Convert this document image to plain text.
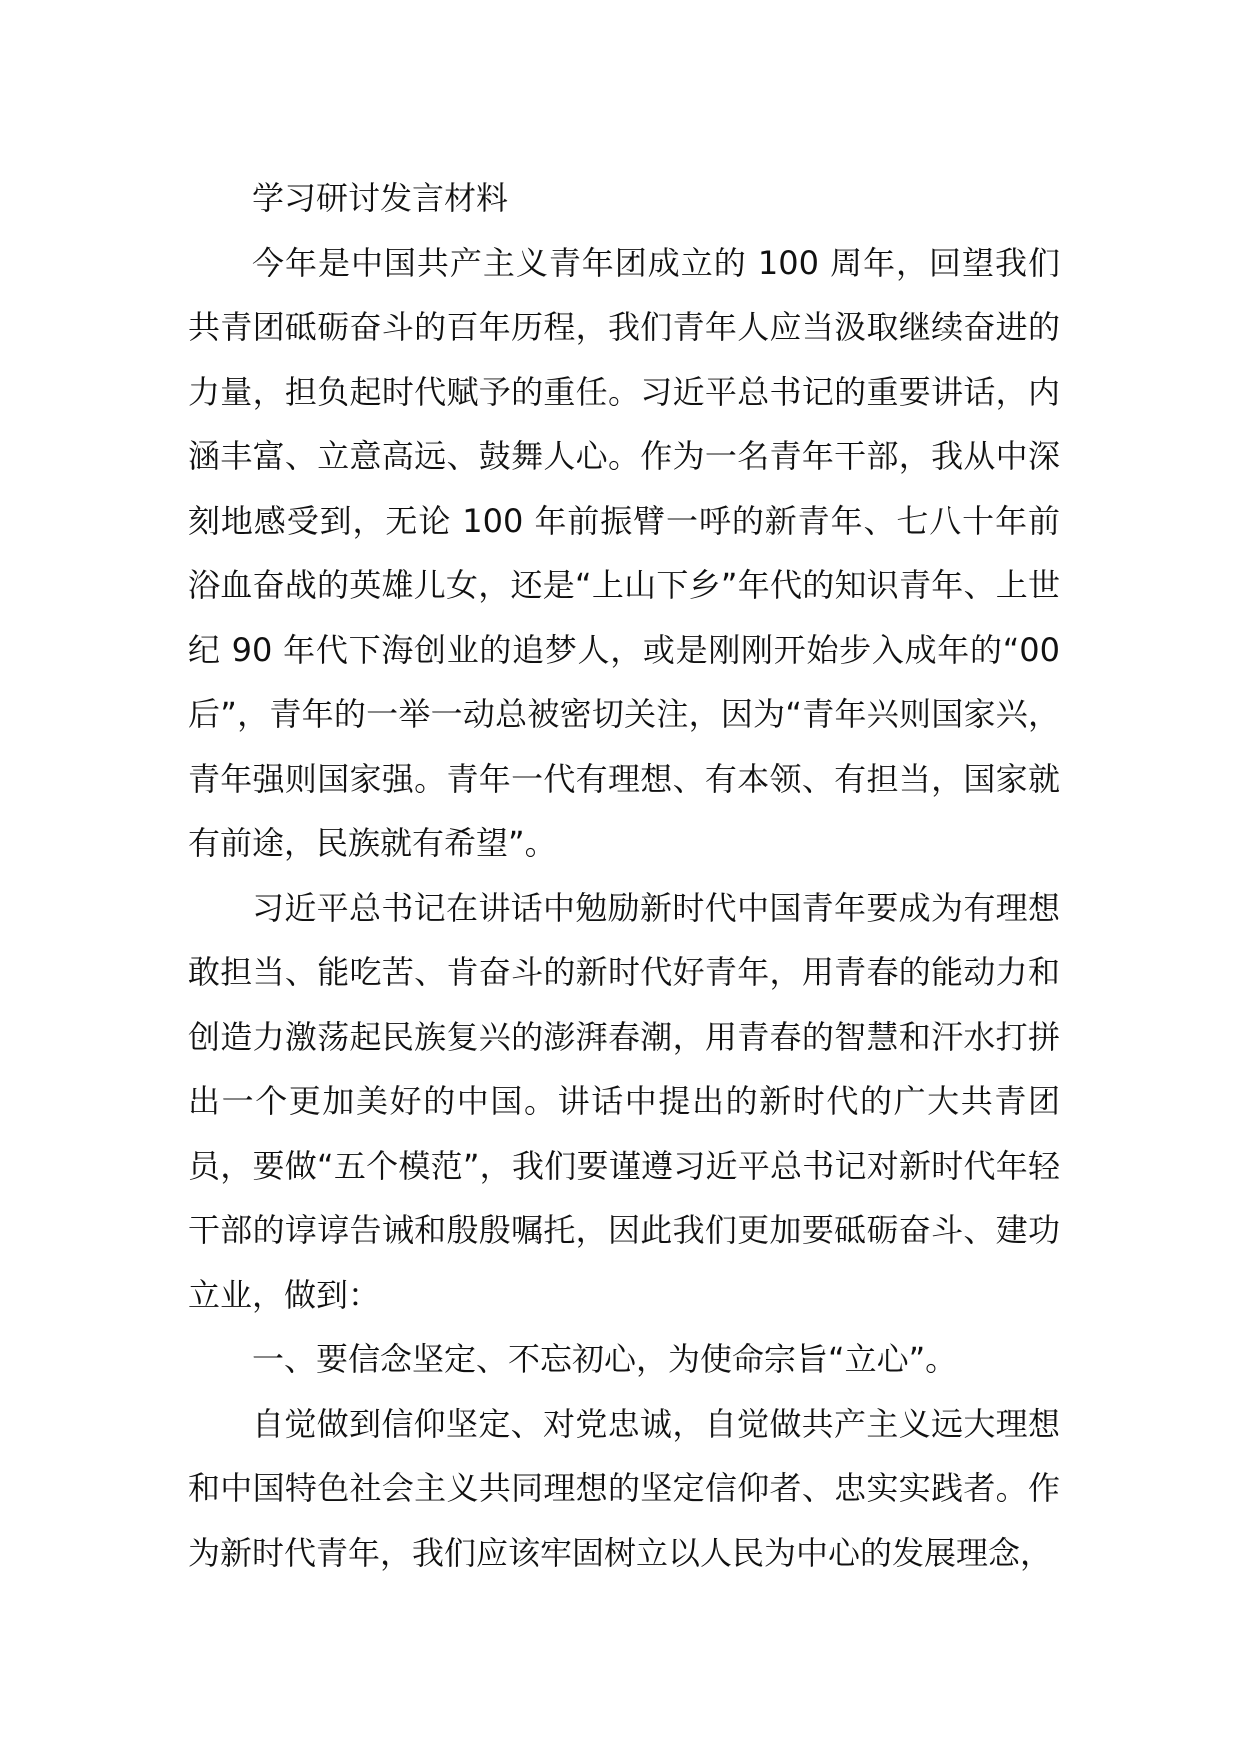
学习研讨发言材料

今年是中国共产主义青年团成立的 100 周年，回望我们共青团砥砺奋斗的百年历程，我们青年人应当汲取继续奋进的力量，担负起时代赋予的重任。习近平总书记的重要讲话，内涵丰富、立意高远、鼓舞人心。作为一名青年干部，我从中深刻地感受到，无论 100 年前振臂一呼的新青年、七八十年前浴血奋战的英雄儿女，还是“上山下乡”年代的知识青年、上世纪 90 年代下海创业的追梦人，或是刚刚开始步入成年的“00 后”，青年的一举一动总被密切关注，因为“青年兴则国家兴，青年强则国家强。青年一代有理想、有本领、有担当，国家就有前途，民族就有希望”。

习近平总书记在讲话中勉励新时代中国青年要成为有理想敢担当、能吃苦、肯奋斗的新时代好青年，用青春的能动力和创造力激荡起民族复兴的澎湃春潮，用青春的智慧和汗水打拼出一个更加美好的中国。讲话中提出的新时代的广大共青团员，要做“五个模范”，我们要谨遵习近平总书记对新时代年轻干部的谆谆告诫和殷殷嘱托，因此我们更加要砥砺奋斗、建功立业，做到：

一、要信念坚定、不忘初心，为使命宗旨“立心”。

自觉做到信仰坚定、对党忠诚，自觉做共产主义远大理想和中国特色社会主义共同理想的坚定信仰者、忠实实践者。作为新时代青年，我们应该牢固树立以人民为中心的发展理念，
